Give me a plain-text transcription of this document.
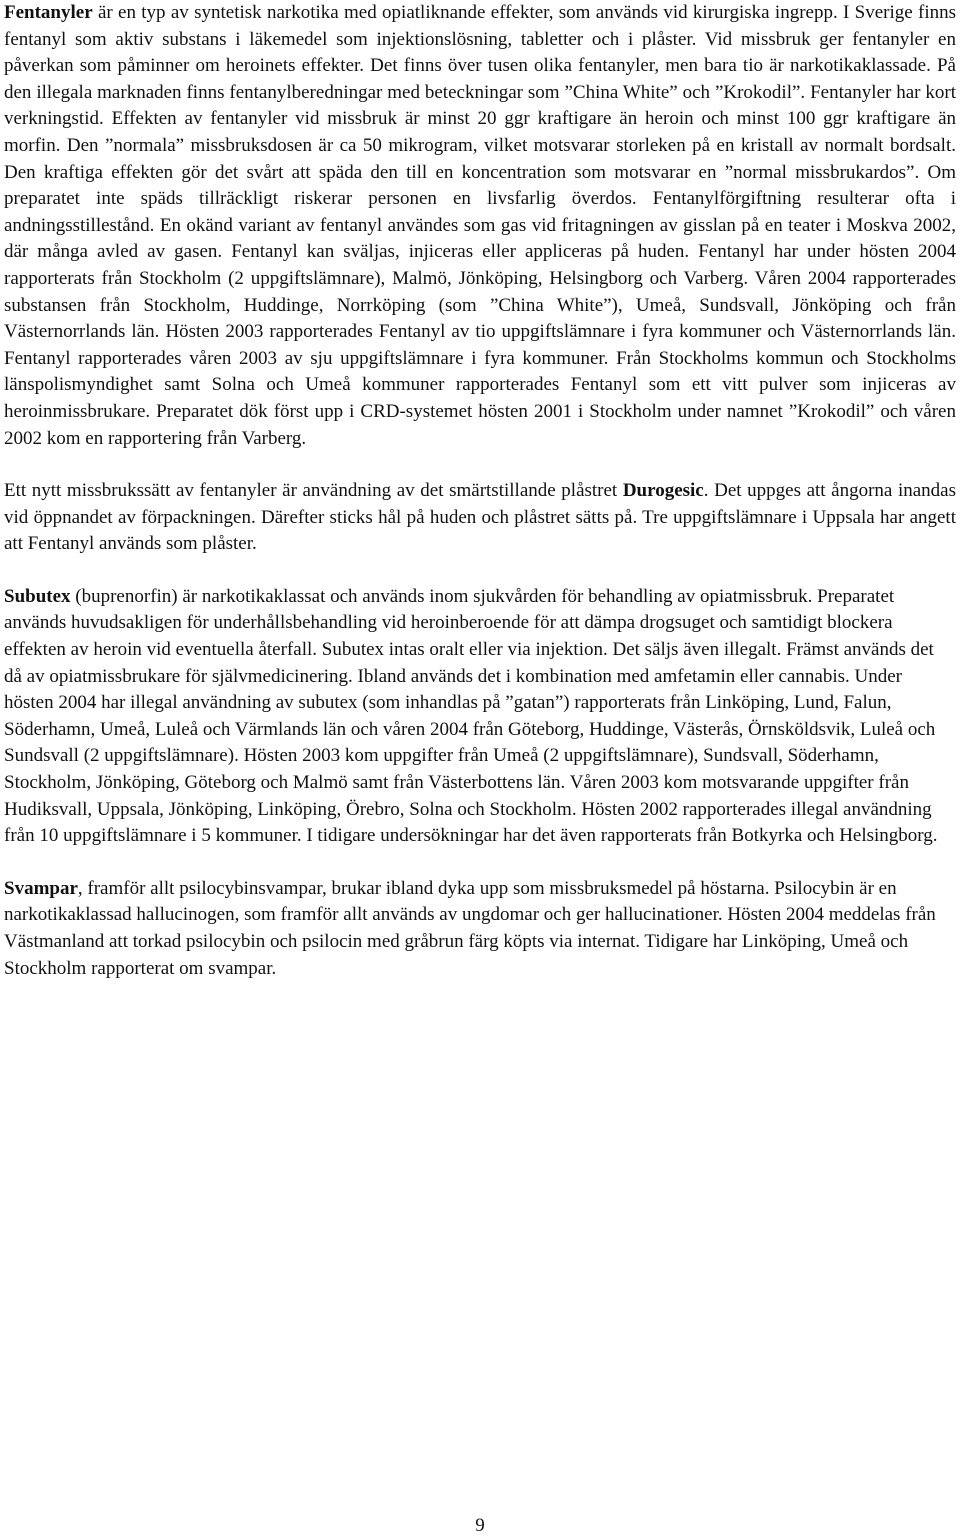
Fentanyler är en typ av syntetisk narkotika med opiatliknande effekter, som används vid kirurgiska ingrepp. I Sverige finns fentanyl som aktiv substans i läkemedel som injektionslösning, tabletter och i plåster. Vid missbruk ger fentanyler en påverkan som påminner om heroinets effekter. Det finns över tusen olika fentanyler, men bara tio är narkotikaklassade. På den illegala marknaden finns fentanylberedningar med beteckningar som ”China White” och ”Krokodil”. Fentanyler har kort verkningstid. Effekten av fentanyler vid missbruk är minst 20 ggr kraftigare än heroin och minst 100 ggr kraftigare än morfin. Den ”normala” missbruksdosen är ca 50 mikrogram, vilket motsvarar storleken på en kristall av normalt bordsalt. Den kraftiga effekten gör det svårt att späda den till en koncentration som motsvarar en ”normal missbrukardos”. Om preparatet inte späds tillräckligt riskerar personen en livsfarlig överdos. Fentanylförgiftning resulterar ofta i andningsstillestånd. En okänd variant av fentanyl användes som gas vid fritagningen av gisslan på en teater i Moskva 2002, där många avled av gasen. Fentanyl kan sväljas, injiceras eller appliceras på huden. Fentanyl har under hösten 2004 rapporterats från Stockholm (2 uppgiftslämnare), Malmö, Jönköping, Helsingborg och Varberg. Våren 2004 rapporterades substansen från Stockholm, Huddinge, Norrköping (som ”China White”), Umeå, Sundsvall, Jönköping och från Västernorrlands län. Hösten 2003 rapporterades Fentanyl av tio uppgiftslämnare i fyra kommuner och Västernorrlands län. Fentanyl rapporterades våren 2003 av sju uppgiftslämnare i fyra kommuner. Från Stockholms kommun och Stockholms länspolismyndighet samt Solna och Umeå kommuner rapporterades Fentanyl som ett vitt pulver som injiceras av heroinmissbrukare. Preparatet dök först upp i CRD-systemet hösten 2001 i Stockholm under namnet ”Krokodil” och våren 2002 kom en rapportering från Varberg.

Ett nytt missbrukssätt av fentanyler är användning av det smärtstillande plåstret Durogesic. Det uppges att ångorna inandas vid öppnandet av förpackningen. Därefter sticks hål på huden och plåstret sätts på. Tre uppgiftslämnare i Uppsala har angett att Fentanyl används som plåster.

Subutex (buprenorfin) är narkotikaklassat och används inom sjukvården för behandling av opiatmissbruk. Preparatet används huvudsakligen för underhållsbehandling vid heroinberoende för att dämpa drogsuget och samtidigt blockera effekten av heroin vid eventuella återfall. Subutex intas oralt eller via injektion. Det säljs även illegalt. Främst används det då av opiatmissbrukare för självmedicinering. Ibland används det i kombination med amfetamin eller cannabis. Under hösten 2004 har illegal användning av subutex (som inhandlas på ”gatan”) rapporterats från Linköping, Lund, Falun, Söderhamn, Umeå, Luleå och Värmlands län och våren 2004 från Göteborg, Huddinge, Västerås, Örnsköldsvik, Luleå och Sundsvall (2 uppgiftslämnare). Hösten 2003 kom uppgifter från Umeå (2 uppgiftslämnare), Sundsvall, Söderhamn, Stockholm, Jönköping, Göteborg och Malmö samt från Västerbottens län. Våren 2003 kom motsvarande uppgifter från Hudiksvall, Uppsala, Jönköping, Linköping, Örebro, Solna och Stockholm. Hösten 2002 rapporterades illegal användning från 10 uppgiftslämnare i 5 kommuner. I tidigare undersökningar har det även rapporterats från Botkyrka och Helsingborg.

Svampar, framför allt psilocybinsvampar, brukar ibland dyka upp som missbruksmedel på höstarna. Psilocybin är en narkotikaklassad hallucinogen, som framför allt används av ungdomar och ger hallucinationer. Hösten 2004 meddelas från Västmanland att torkad psilocybin och psilocin med gråbrun färg köpts via internat. Tidigare har Linköping, Umeå och Stockholm rapporterat om svampar.

9
